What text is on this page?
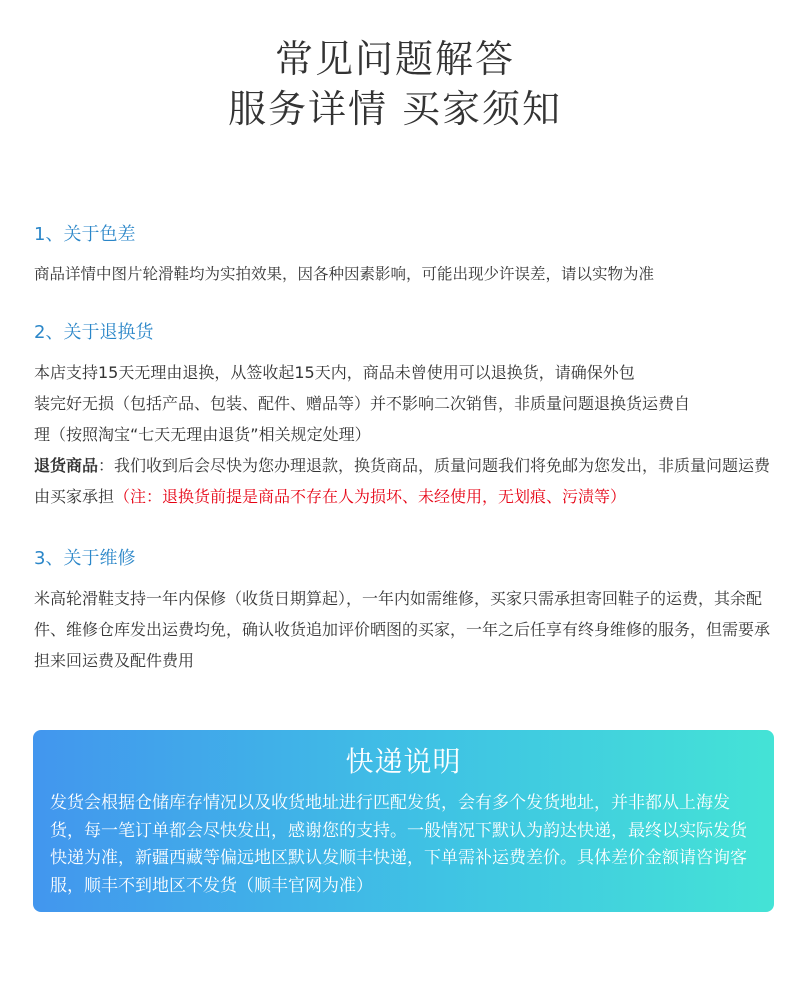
常见问题解答
服务详情 买家须知
1、关于色差

商品详情中图片轮滑鞋均为实拍效果，因各种因素影响，可能出现少许误差，请以实物为准

2、关于退换货

本店支持15天无理由退换，从签收起15天内，商品未曾使用可以退换货，请确保外包

装完好无损（包括产品、包装、配件、赠品等）并不影响二次销售，非质量问题退换货运费自

理（按照淘宝“七天无理由退货”相关规定处理）

退货商品：我们收到后会尽快为您办理退款，换货商品，质量问题我们将免邮为您发出，非质量问题运费由买家承担（注：退换货前提是商品不存在人为损坏、未经使用，无划痕、污渍等）

3、关于维修

米高轮滑鞋支持一年内保修（收货日期算起），一年内如需维修，买家只需承担寄回鞋子的运费，其余配件、维修仓库发出运费均免，确认收货追加评价晒图的买家，一年之后任享有终身维修的服务，但需要承担来回运费及配件费用

快递说明
发货会根据仓储库存情况以及收货地址进行匹配发货，会有多个发货地址，并非都从上海发货，每一笔订单都会尽快发出，感谢您的支持。一般情况下默认为韵达快递，最终以实际发货快递为准，新疆西藏等偏远地区默认发顺丰快递，下单需补运费差价。具体差价金额请咨询客服，顺丰不到地区不发货（顺丰官网为准）
